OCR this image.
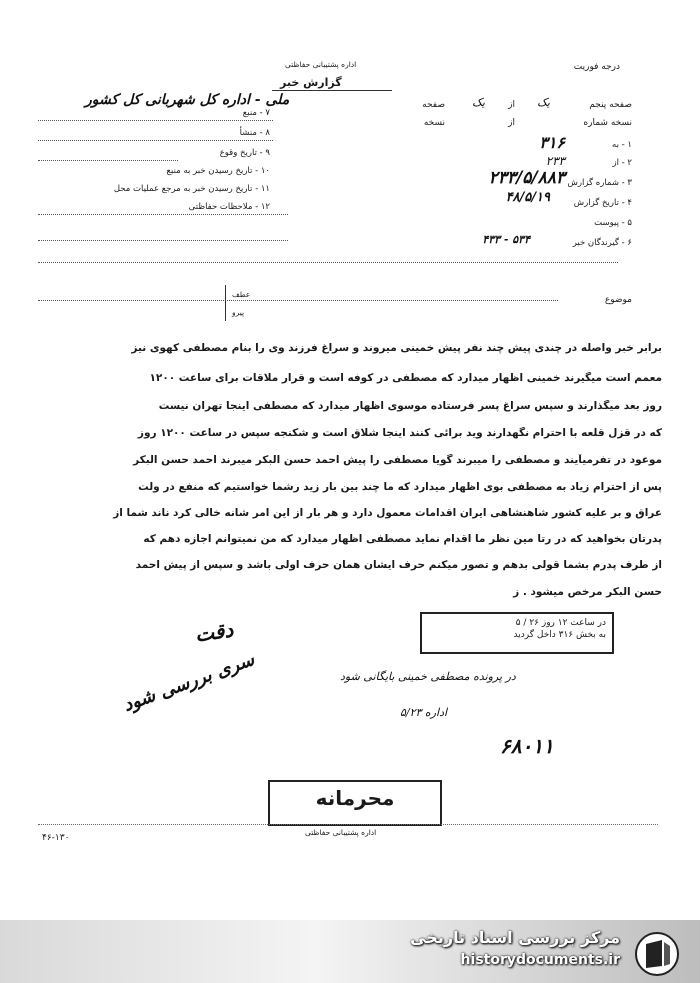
درجه فوریت
اداره پشتیبانی حفاظتی
گزارش خبر
صفحه پنجم
یک
از
یک
صفحه
نسخه شماره
از
نسخه
۱ - به
۳۱۶
۲ - از
۲۳۳
۳ - شماره گزارش
۲۳۳/۵/۸۸۳
۴ - تاریخ گزارش
۴۸/۵/۱۹
۵ - پیوست
۶ - گیرندگان خبر
۴۳۳ - ۵۳۴
۷ - منبع
ملی - اداره کل شهربانی کل کشور
۸ - منشأ
۹ - تاریخ وقوع
۱۰ - تاریخ رسیدن خبر به منبع
۱۱ - تاریخ رسیدن خبر به مرجع عملیات محل
۱۲ - ملاحظات حفاظتی
موضوع
عطف
پیرو
برابر خبر واصله در چندی پیش چند نفر پیش خمینی میروند و سراغ فرزند وی را بنام مصطفی کهوی نیز
معمم است میگیرند خمینی اظهار میدارد که مصطفی در کوفه است و قرار ملاقات برای ساعت ۱۲۰۰
روز بعد میگذارند و سپس سراغ پسر فرستاده موسوی اظهار میدارد که مصطفی اینجا تهران نیست
که در قزل قلعه با احترام نگهدارند وید برائی کنند اینجا شلاق است و شکنجه سپس در ساعت ۱۲۰۰ روز
موعود در تفرمیآیند و مصطفی را میبرند گویا مصطفی را پیش احمد حسن البکر میبرند احمد حسن البکر
پس از احترام زیاد به مصطفی بوی اظهار میدارد که ما چند بین بار زید رشما خواستیم که منفع در ولت
عراق و بر علیه کشور شاهنشاهی ایران اقدامات معمول دارد و هر بار از این امر شانه خالی کرد ناند شما از
پدرتان بخواهید که در رتا مین نظر ما اقدام نماید مصطفی اظهار میدارد که من نمیتوانم اجازه دهم که
از طرف پدرم بشما قولی بدهم و تصور میکنم حرف ایشان همان حرف اولی باشد و سپس از پیش احمد
حسن البکر مرخص میشود . ز
در ساعت ۱۲ روز ۲۶ / ۵
به بخش ۳۱۶ داخل گردید
در پرونده مصطفی خمینی بایگانی شود
اداره ۵/۲۳
۶۸۰۱۱
دقت
سری بررسی شود
محرمانه
اداره پشتیبانی حفاظتی
۴۶-۱۳۰
مرکز بررسی اسناد تاریخی
historydocuments.ir
